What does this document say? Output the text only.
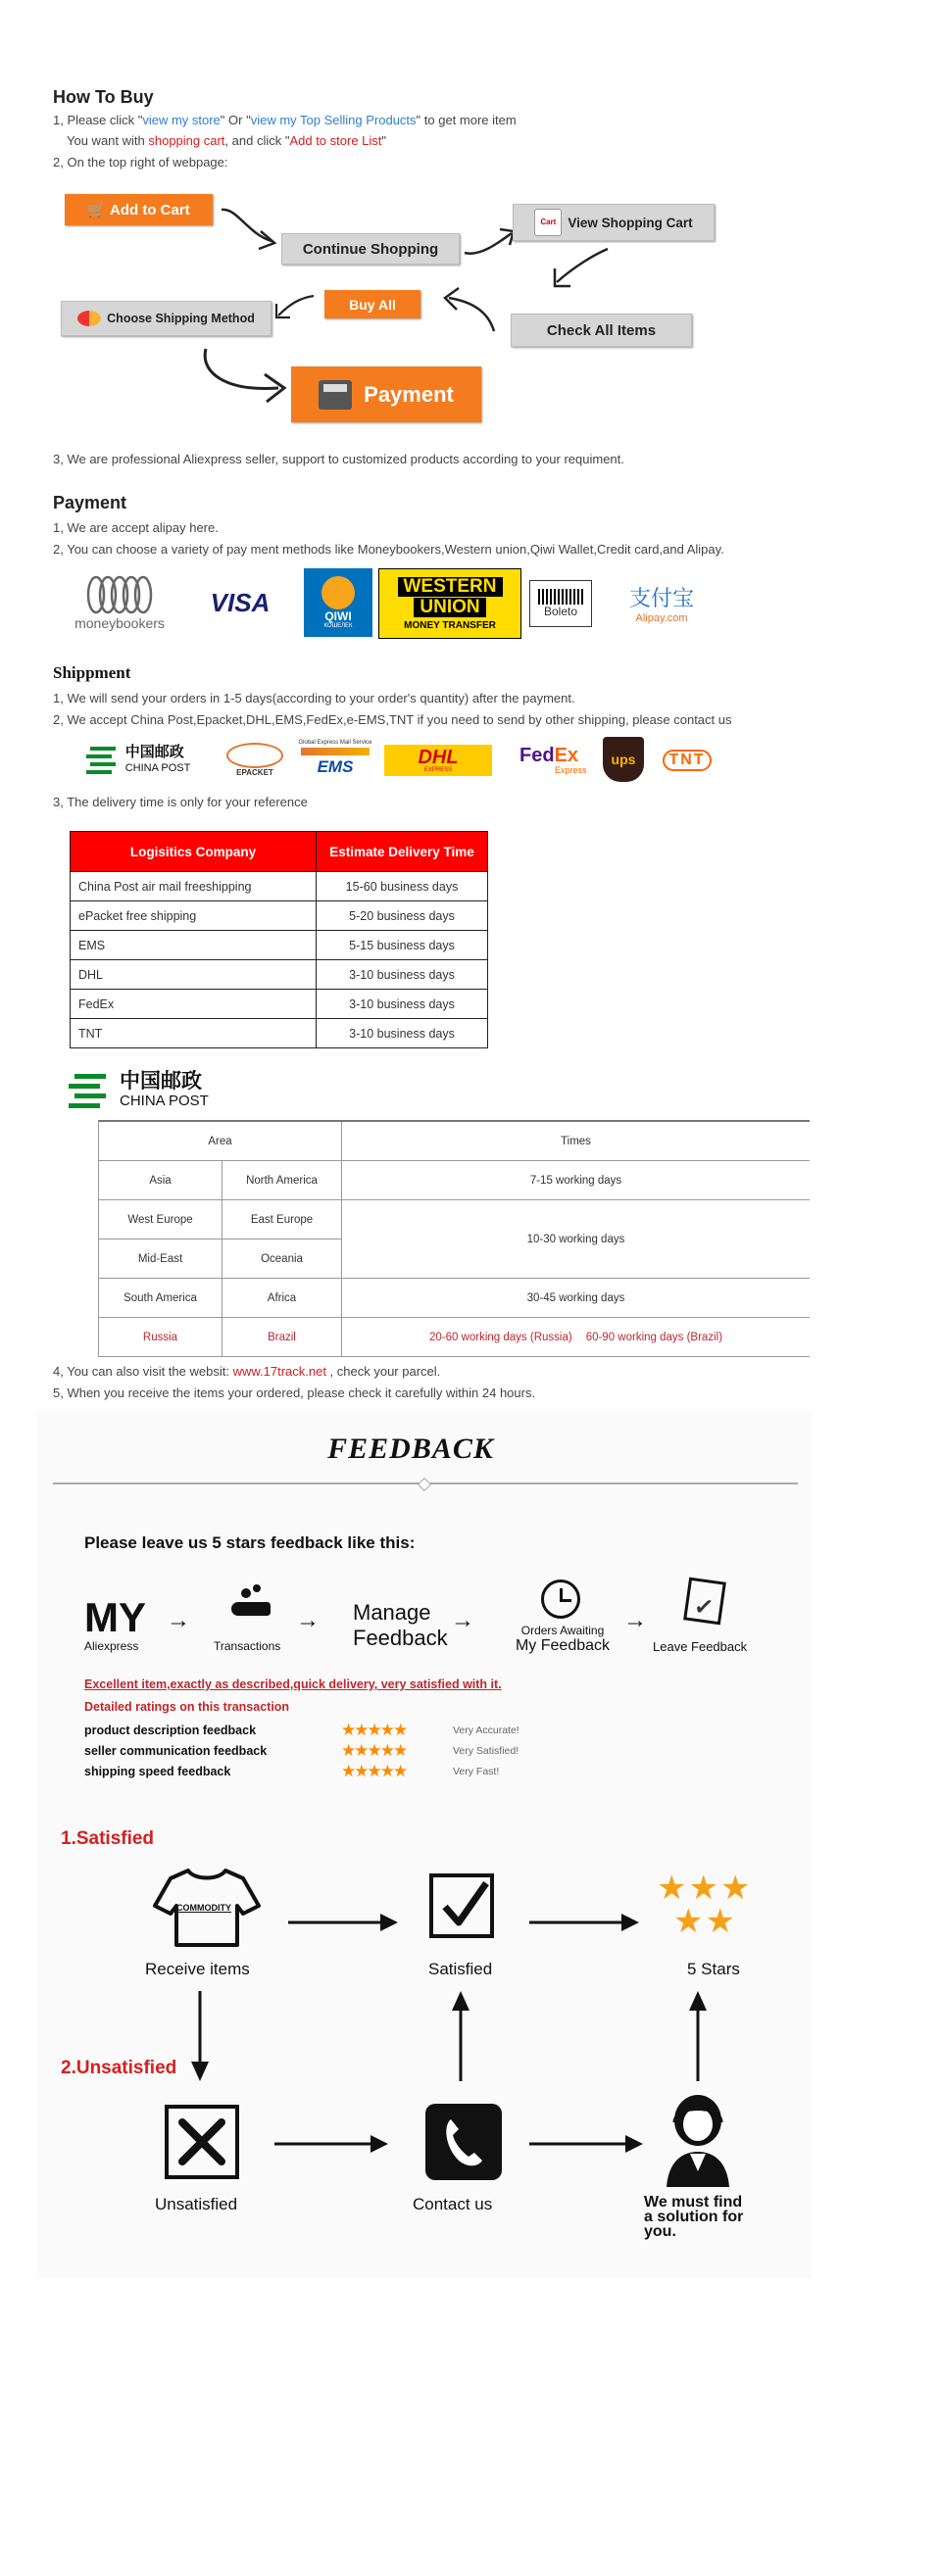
How To Buy
1, Please click "view my store" Or "view my Top Selling Products" to get more item
You want with shopping cart, and click "Add to store List"
2, On the top right of webpage:
🛒 Add to Cart
Continue Shopping
Cart View Shopping Cart
Check All Items
Buy All
Choose Shipping Method
Payment
3, We are professional Aliexpress seller, support to customized products according to your requiment.
Payment
1, We are accept alipay here.
2, You can choose a variety of pay ment methods like Moneybookers,Western union,Qiwi Wallet,Credit card,and Alipay.
moneybookers
VISA	QIWI
КОШЕЛЕК
WESTERN
UNION
MONEY TRANSFER
Boleto
支付宝
Alipay.com
Shippment
1, We will send your orders in 1-5 days(according to your order's quantity) after the payment.
2, We accept China Post,Epacket,DHL,EMS,FedEx,e-EMS,TNT if you need to send by other shipping, please contact us
中国邮政
CHINA POST	EPACKET
Global Express Mail Service
EMS	DHL
EXPRESS
FedEx
Express
ups	TNT
3, The delivery time is only for your reference
Logisitics Company	Estimate Delivery Time
China Post air mail freeshipping	15-60 business days
ePacket free shipping	5-20 business days
EMS	5-15 business days
DHL	3-10 business days
FedEx	3-10 business days
TNT	3-10 business days
中国邮政
CHINA POST
Area	Times
Asia	North America	7-15 working days
West Europe	East Europe
Mid-East	Oceania
10-30 working days
South America	Africa	30-45 working days
Russia	Brazil	20-60 working days (Russia) 60-90 working days (Brazil)
4, You can also visit the websit: www.17track.net , check your parcel.
5, When you receive the items your ordered, please check it carefully within 24 hours.
FEEDBACK
Please leave us 5 stars feedback like this:
MY
Aliexpress
→
Transactions
→ Manage
Feedback
→	Orders Awaiting
My Feedback
→ ✓
Leave Feedback
Excellent item,exactly as described,quick delivery, very satisfied with it.
Detailed ratings on this transaction
product description feedback	★★★★★	Very Accurate!
seller communication feedback	★★★★★	Very Satisfied!
shipping speed feedback	★★★★★	Very Fast!
1.Satisfied
COMMODITY
Receive items	Satisfied
★★★
★★
5 Stars
2.Unsatisfied
Unsatisfied	Contact us	We must find
a solution for
you.
